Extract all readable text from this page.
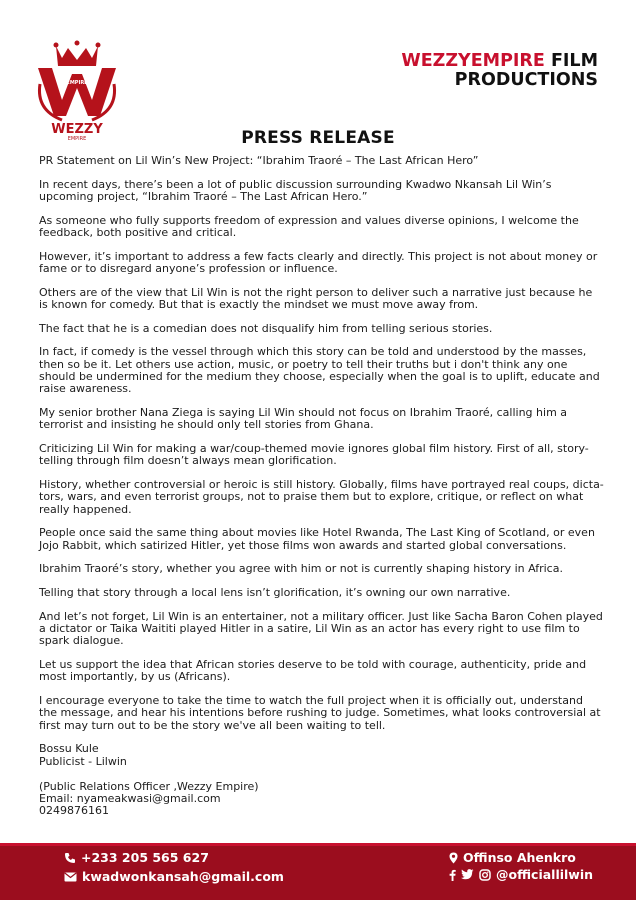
EMPIRE
WEZZY
EMPIRE
WEZZYEMPIRE FILM
PRODUCTIONS
PRESS RELEASE

PR Statement on Lil Win’s New Project: “Ibrahim Traoré – The Last African Hero”

In recent days, there’s been a lot of public discussion surrounding Kwadwo Nkansah Lil Win’s upcoming project, “Ibrahim Traoré – The Last African Hero.”

As someone who fully supports freedom of expression and values diverse opinions, I welcome the feedback, both positive and critical.

However, it’s important to address a few facts clearly and directly. This project is not about money or fame or to disregard anyone’s profession or influence.

Others are of the view that Lil Win is not the right person to deliver such a narrative just because he is known for comedy. But that is exactly the mindset we must move away from.

The fact that he is a comedian does not disqualify him from telling serious stories.

In fact, if comedy is the vessel through which this story can be told and understood by the masses, then so be it. Let others use action, music, or poetry to tell their truths but i don't think any one should be undermined for the medium they choose, especially when the goal is to uplift, educate and raise awareness.

My senior brother Nana Ziega is saying Lil Win should not focus on Ibrahim Traoré, calling him a terrorist and insisting he should only tell stories from Ghana.

Criticizing Lil Win for making a war/coup-themed movie ignores global film history. First of all, story-telling through film doesn’t always mean glorification.

History, whether controversial or heroic is still history. Globally, films have portrayed real coups, dicta-tors, wars, and even terrorist groups, not to praise them but to explore, critique, or reflect on what really happened.

People once said the same thing about movies like Hotel Rwanda, The Last King of Scotland, or even Jojo Rabbit, which satirized Hitler, yet those films won awards and started global conversations.

Ibrahim Traoré’s story, whether you agree with him or not is currently shaping history in Africa.

Telling that story through a local lens isn’t glorification, it’s owning our own narrative.

And let’s not forget, Lil Win is an entertainer, not a military officer. Just like Sacha Baron Cohen played a dictator or Taika Waititi played Hitler in a satire, Lil Win as an actor has every right to use film to spark dialogue.

Let us support the idea that African stories deserve to be told with courage, authenticity, pride and most importantly, by us (Africans).

I encourage everyone to take the time to watch the full project when it is officially out, understand the message, and hear his intentions before rushing to judge. Sometimes, what looks controversial at first may turn out to be the story we've all been waiting to tell.

Bossu Kule

Publicist - Lilwin

(Public Relations Officer ,Wezzy Empire)

Email: nyameakwasi@gmail.com

0249876161

+233 205 565 627
kwadwonkansah@gmail.com
Offinso Ahenkro
@officiallilwin
